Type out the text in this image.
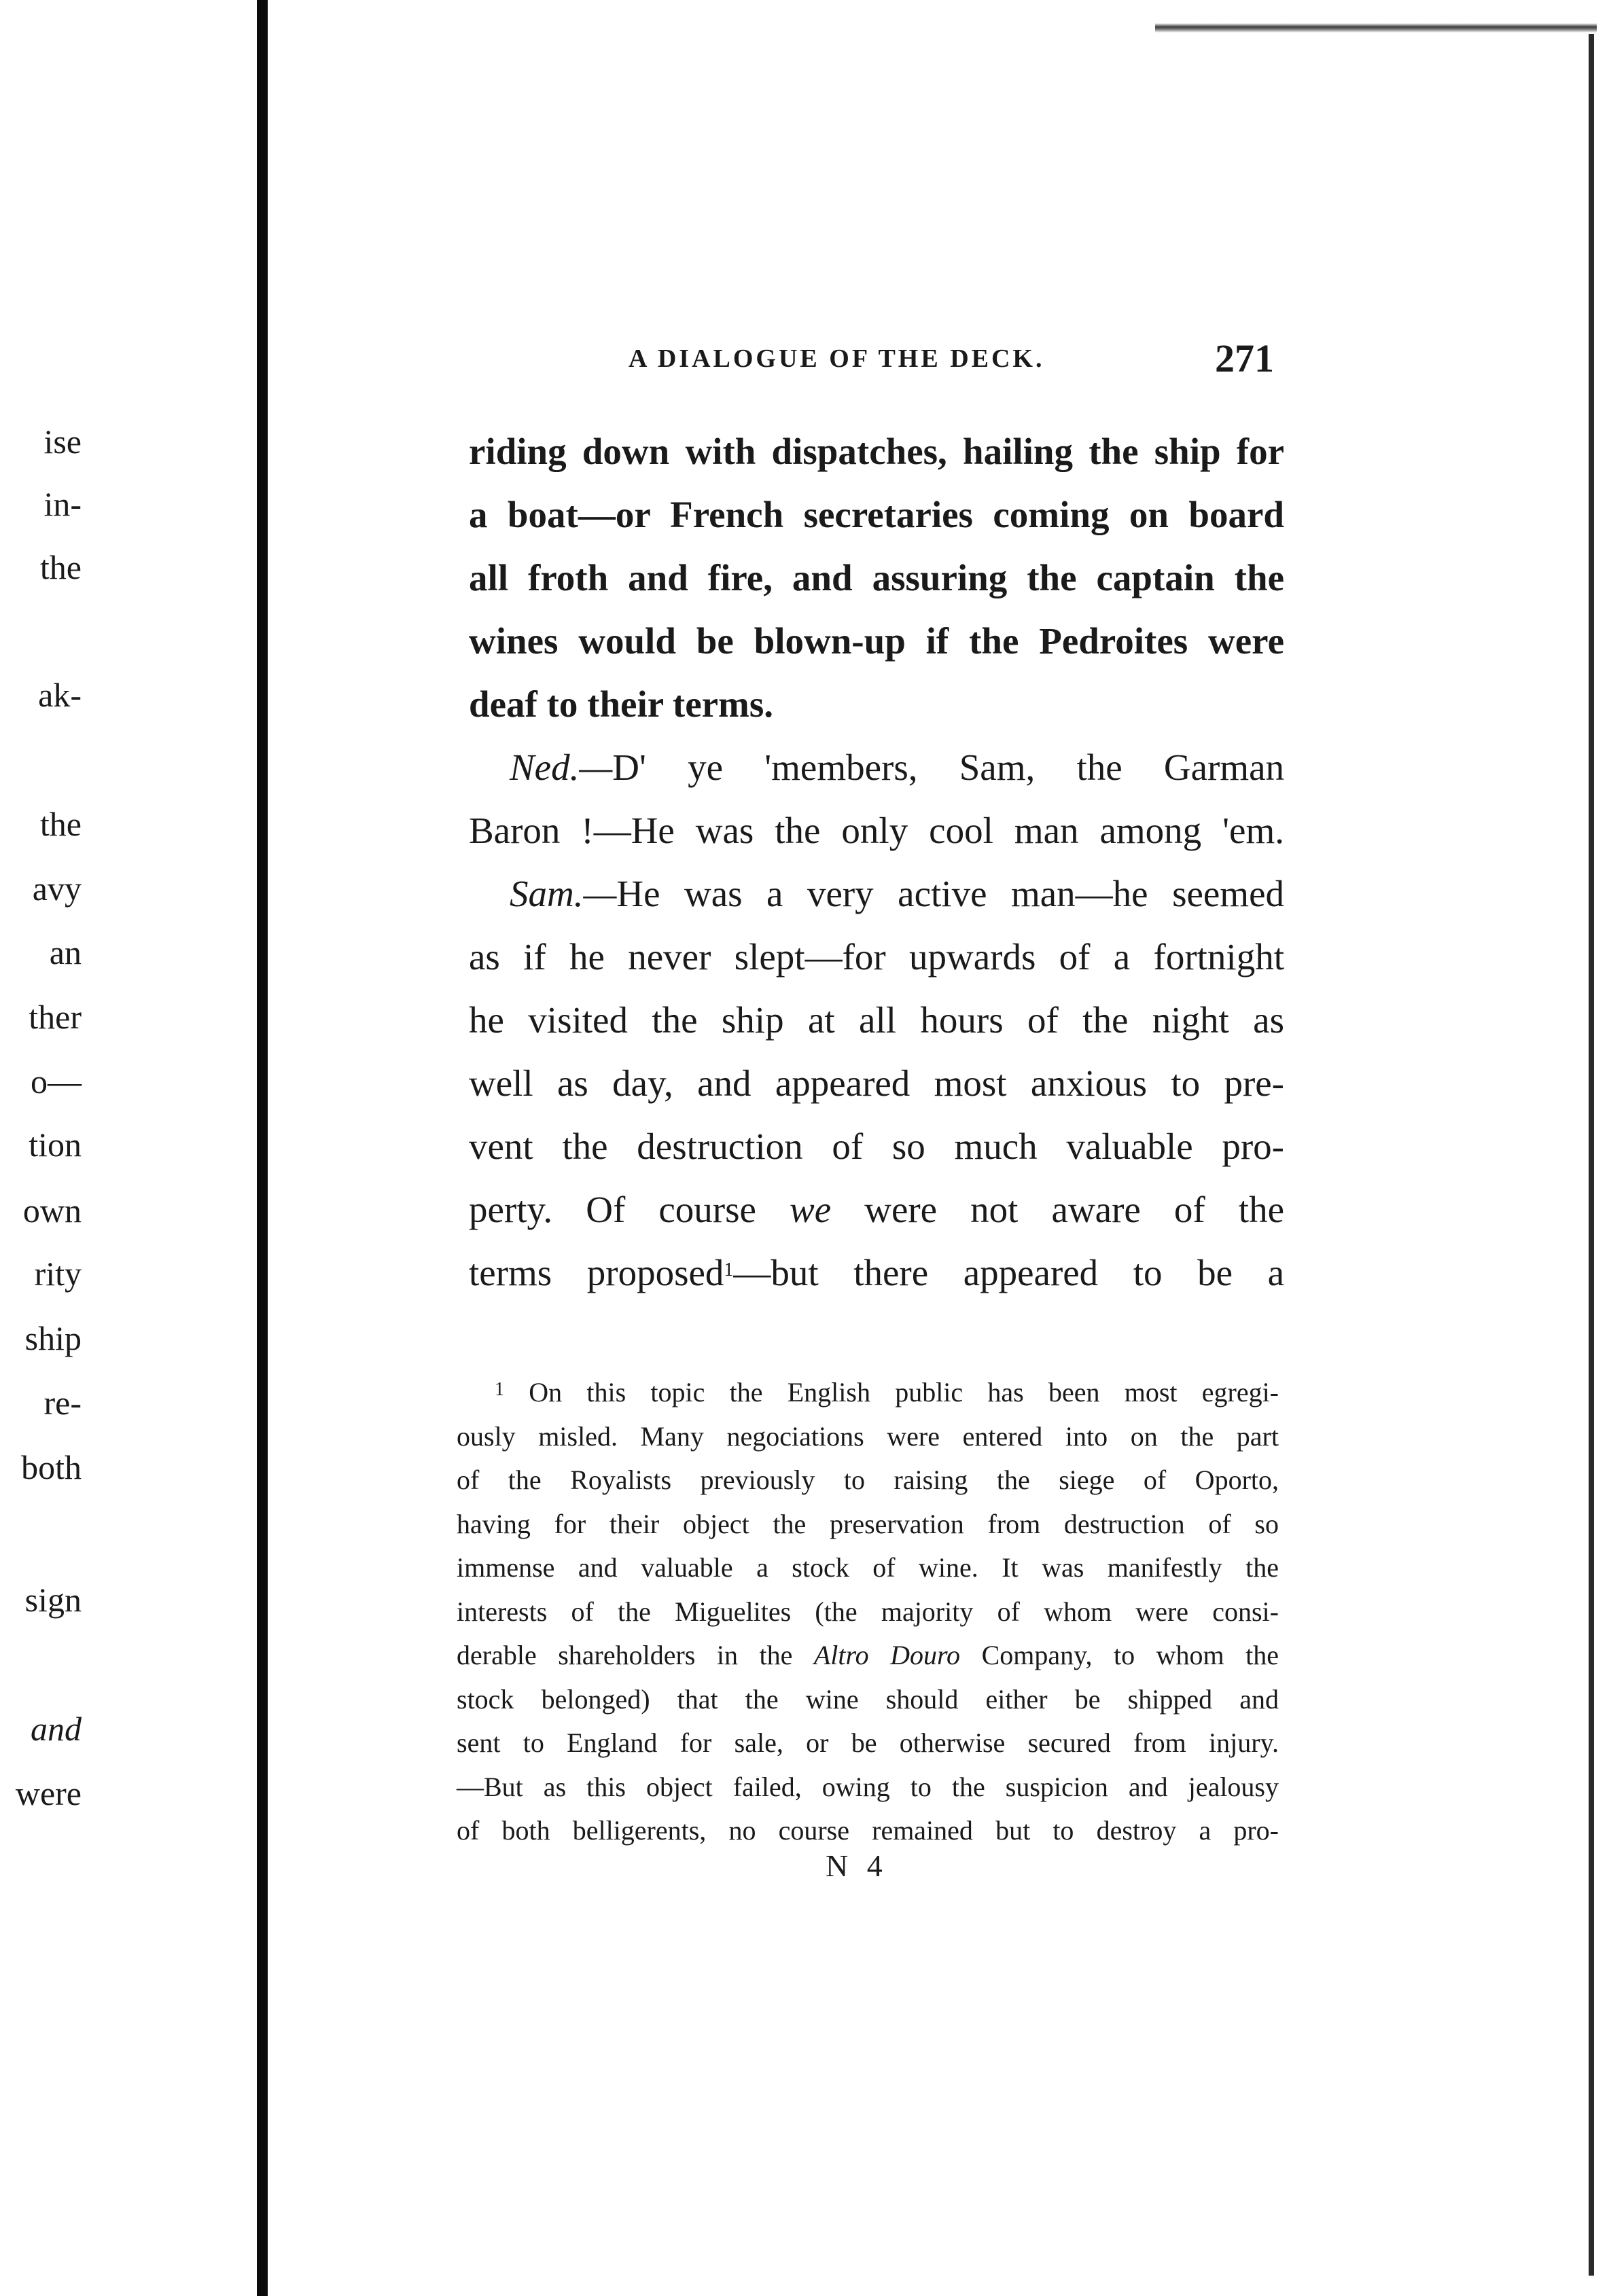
ise
in-
the
ak-
the
avy
an
ther
o—
tion
own
rity
ship
re-
both
sign
and
were
A DIALOGUE OF THE DECK.	271
riding down with dispatches, hailing the ship for
a boat—or French secretaries coming on board
all froth and fire, and assuring the captain the
wines would be blown-up if the Pedroites were
deaf to their terms.
Ned.—D' ye 'members, Sam, the Garman
Baron !—He was the only cool man among 'em.
Sam.—He was a very active man—he seemed
as if he never slept—for upwards of a fortnight
he visited the ship at all hours of the night as
well as day, and appeared most anxious to pre-
vent the destruction of so much valuable pro-
perty. Of course we were not aware of the
terms proposed$^1$—but there appeared to be a
$^1$ On this topic the English public has been most egregi-
ously misled. Many negociations were entered into on the part
of the Royalists previously to raising the siege of Oporto,
having for their object the preservation from destruction of so
immense and valuable a stock of wine. It was manifestly the
interests of the Miguelites (the majority of whom were consi-
derable shareholders in the Altro Douro Company, to whom the
stock belonged) that the wine should either be shipped and
sent to England for sale, or be otherwise secured from injury.
—But as this object failed, owing to the suspicion and jealousy
of both belligerents, no course remained but to destroy a pro-
N 4
